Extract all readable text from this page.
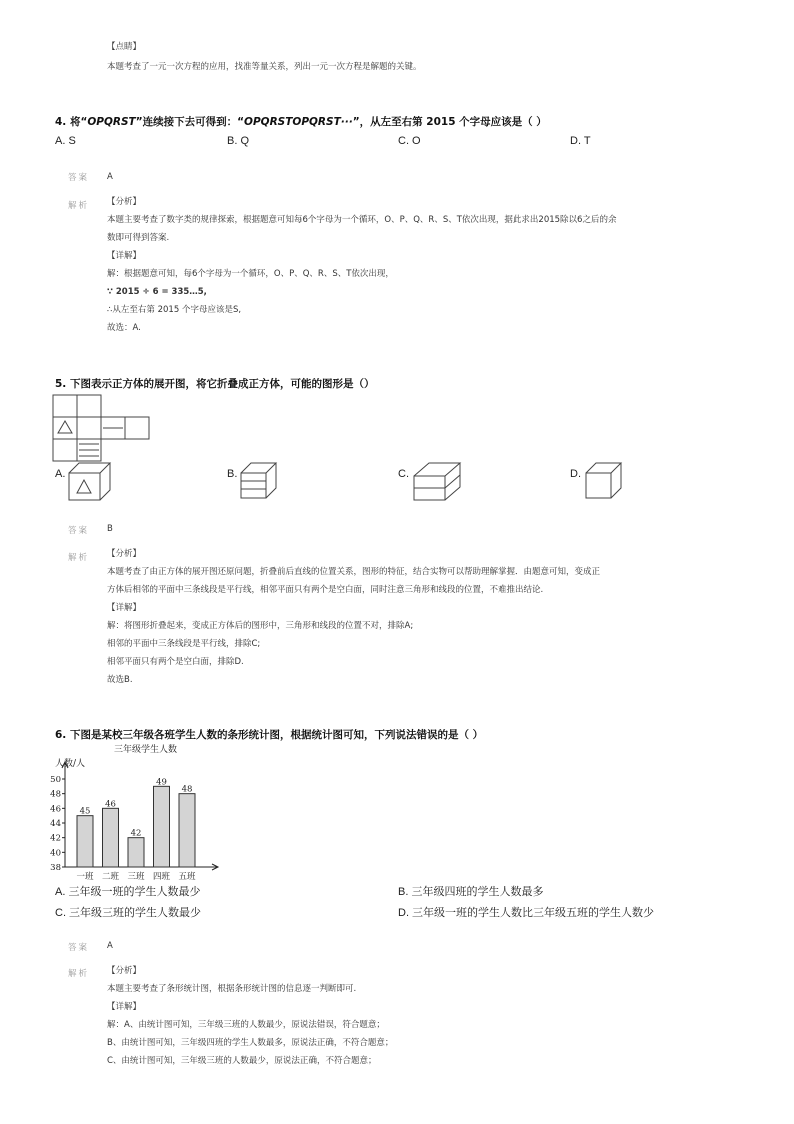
【点睛】
本题考查了一元一次方程的应用，找准等量关系，列出一元一次方程是解题的关键。
4. 将“OPQRST”连续接下去可得到：“OPQRSTOPQRST···”，从左至右第 2015 个字母应该是（ ）
A. S	B. Q	C. O	D. T
答案 A
解析 【分析】
本题主要考查了数字类的规律探索，根据题意可知每6个字母为一个循环，O、P、Q、R、S、T依次出现，据此求出2015除以6之后的余
数即可得到答案.
【详解】
解：根据题意可知，每6个字母为一个循环，O、P、Q、R、S、T依次出现，
∵ 2015 ÷ 6 = 335…5,
∴从左至右第 2015 个字母应该是S,
故选：A.
5. 下图表示正方体的展开图，将它折叠成正方体，可能的图形是（）
A.	B.	C.	D.
答案 B
解析 【分析】
本题考查了由正方体的展开图还原问题，折叠前后直线的位置关系，图形的特征，结合实物可以帮助理解掌握．由题意可知，变成正
方体后相邻的平面中三条线段是平行线，相邻平面只有两个是空白面，同时注意三角形和线段的位置，不难推出结论.
【详解】
解：将图形折叠起来，变成正方体后的图形中，三角形和线段的位置不对，排除A;
相邻的平面中三条线段是平行线，排除C;
相邻平面只有两个是空白面，排除D.
故选B.
6. 下图是某校三年级各班学生人数的条形统计图，根据统计图可知，下列说法错误的是（ ）
三年级学生人数
人数/人
38
40
42
44
46
48
50
45
一班
46
二班
42
三班
49
四班
48
五班
A. 三年级一班的学生人数最少	B. 三年级四班的学生人数最多
C. 三年级三班的学生人数最少	D. 三年级一班的学生人数比三年级五班的学生人数少
答案 A
解析 【分析】
本题主要考查了条形统计图，根据条形统计图的信息逐一判断即可.
【详解】
解：A、由统计图可知，三年级三班的人数最少，原说法错误，符合题意；
B、由统计图可知，三年级四班的学生人数最多，原说法正确，不符合题意；
C、由统计图可知，三年级三班的人数最少，原说法正确，不符合题意；
